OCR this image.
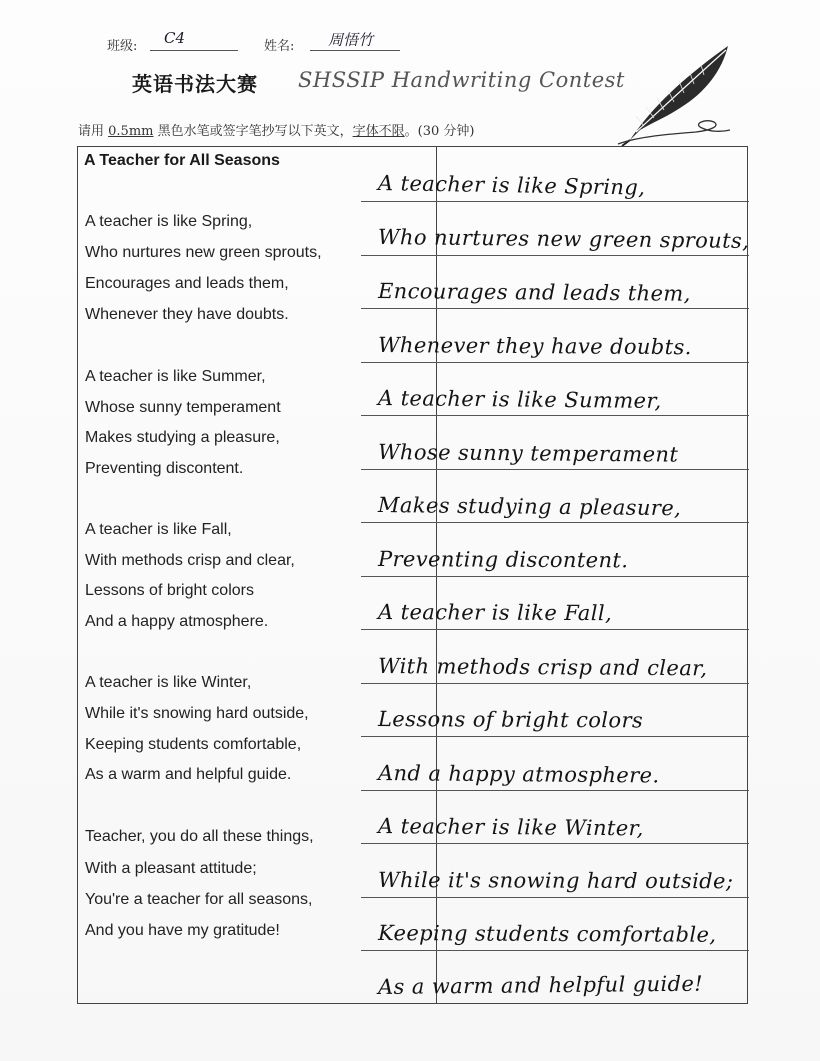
班级: C4	姓名: 周悟竹
英语书法大赛 SHSSIP Handwriting Contest
请用 0.5mm 黑色水笔或签字笔抄写以下英文，字体不限。(30 分钟)
A Teacher for All Seasons
A teacher is like Spring,
Who nurtures new green sprouts,
Encourages and leads them,
Whenever they have doubts.
A teacher is like Summer,
Whose sunny temperament
Makes studying a pleasure,
Preventing discontent.
A teacher is like Fall,
With methods crisp and clear,
Lessons of bright colors
And a happy atmosphere.
A teacher is like Winter,
While it's snowing hard outside,
Keeping students comfortable,
As a warm and helpful guide.
Teacher, you do all these things,
With a pleasant attitude;
You're a teacher for all seasons,
And you have my gratitude!
A teacher is like Spring,
Who nurtures new green sprouts,
Encourages and leads them,
Whenever they have doubts.
A teacher is like Summer,
Whose sunny temperament
Makes studying a pleasure,
Preventing discontent.
A teacher is like Fall,
With methods crisp and clear,
Lessons of bright colors
And a happy atmosphere.
A teacher is like Winter,
While it's snowing hard outside;
Keeping students comfortable,
As a warm and helpful guide!
